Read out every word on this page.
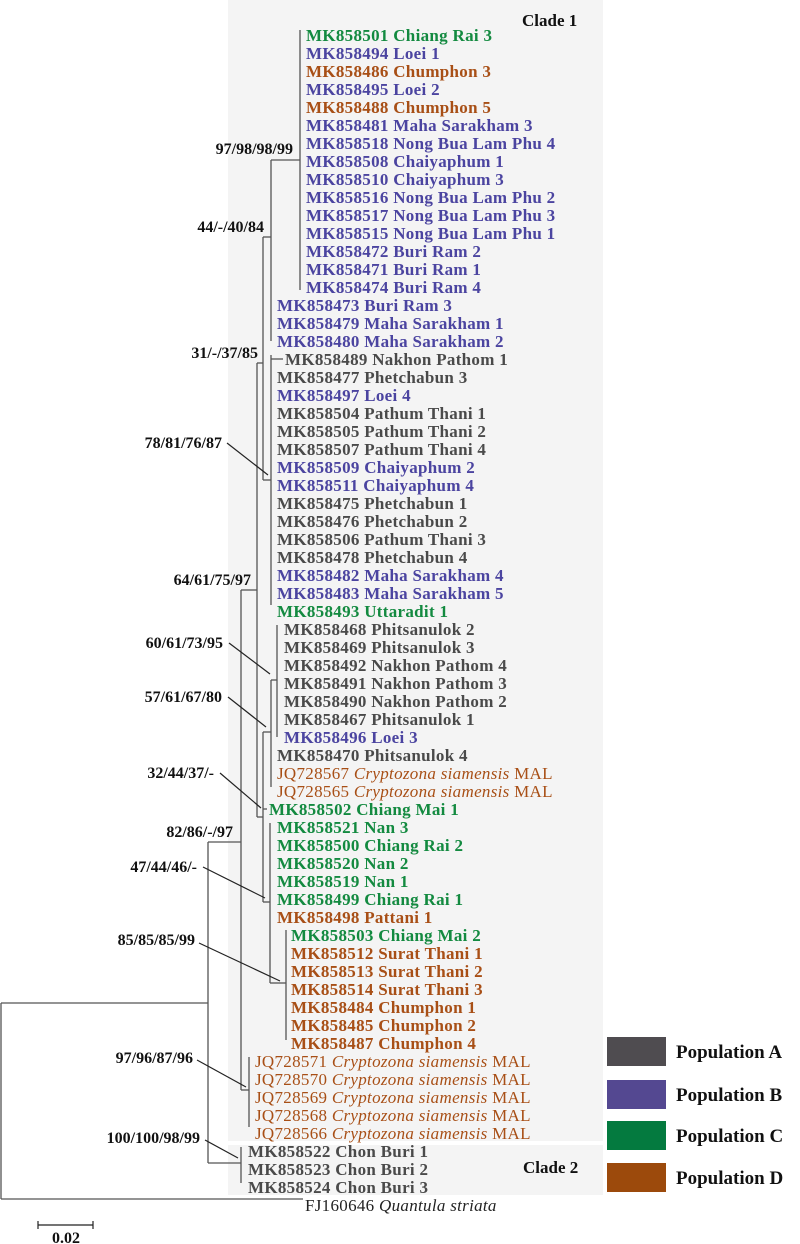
Clade 1
Clade 2
97/98/98/99
44/-/40/84
31/-/37/85
78/81/76/87
64/61/75/97
60/61/73/95
57/61/67/80
32/44/37/-
82/86/-/97
47/44/46/-
85/85/85/99
97/96/87/96
100/100/98/99
MK858501 Chiang Rai 3
MK858494 Loei 1
MK858486 Chumphon 3
MK858495 Loei 2
MK858488 Chumphon 5
MK858481 Maha Sarakham 3
MK858518 Nong Bua Lam Phu 4
MK858508 Chaiyaphum 1
MK858510 Chaiyaphum 3
MK858516 Nong Bua Lam Phu 2
MK858517 Nong Bua Lam Phu 3
MK858515 Nong Bua Lam Phu 1
MK858472 Buri Ram 2
MK858471 Buri Ram 1
MK858474 Buri Ram 4
MK858473 Buri Ram 3
MK858479 Maha Sarakham 1
MK858480 Maha Sarakham 2
MK858489 Nakhon Pathom 1
MK858477 Phetchabun 3
MK858497 Loei 4
MK858504 Pathum Thani 1
MK858505 Pathum Thani 2
MK858507 Pathum Thani 4
MK858509 Chaiyaphum 2
MK858511 Chaiyaphum 4
MK858475 Phetchabun 1
MK858476 Phetchabun 2
MK858506 Pathum Thani 3
MK858478 Phetchabun 4
MK858482 Maha Sarakham 4
MK858483 Maha Sarakham 5
MK858493 Uttaradit 1
MK858468 Phitsanulok 2
MK858469 Phitsanulok 3
MK858492 Nakhon Pathom 4
MK858491 Nakhon Pathom 3
MK858490 Nakhon Pathom 2
MK858467 Phitsanulok 1
MK858496 Loei 3
MK858470 Phitsanulok 4
JQ728567 Cryptozona siamensis MAL
JQ728565 Cryptozona siamensis MAL
MK858502 Chiang Mai 1
MK858521 Nan 3
MK858500 Chiang Rai 2
MK858520 Nan 2
MK858519 Nan 1
MK858499 Chiang Rai 1
MK858498 Pattani 1
MK858503 Chiang Mai 2
MK858512 Surat Thani 1
MK858513 Surat Thani 2
MK858514 Surat Thani 3
MK858484 Chumphon 1
MK858485 Chumphon 2
MK858487 Chumphon 4
JQ728571 Cryptozona siamensis MAL
JQ728570 Cryptozona siamensis MAL
JQ728569 Cryptozona siamensis MAL
JQ728568 Cryptozona siamensis MAL
JQ728566 Cryptozona siamensis MAL
MK858522 Chon Buri 1
MK858523 Chon Buri 2
MK858524 Chon Buri 3
FJ160646 Quantula striata
Population A
Population B
Population C
Population D
0.02
